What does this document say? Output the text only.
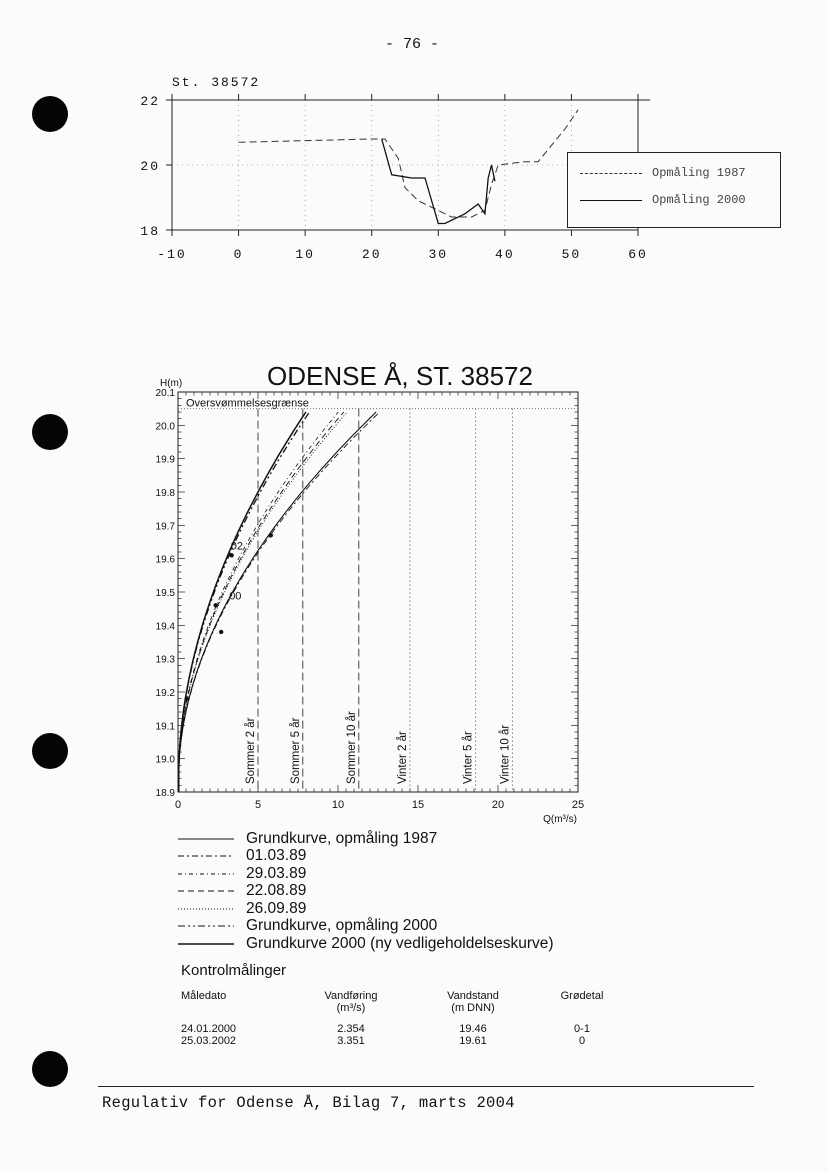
- 76 -
St. 38572
-10	0	10	20	30	40	50	60
18
20
22
Opmåling 1987
Opmåling 2000
ODENSE Å, ST. 38572
H(m)
Q(m³/s)
0	5	10	15	20	25
18.9
19.0
19.1
19.2
19.3
19.4
19.5
19.6
19.7
19.8
19.9
20.0
20.1
Oversvømmelsesgrænse
Sommer 2 år	Sommer 5 år	Sommer 10 år	Vinter 2 år	Vinter 5 år Vinter 10 år
02
00
Grundkurve, opmåling 1987
01.03.89
29.03.89
22.08.89
26.09.89
Grundkurve, opmåling 2000
Grundkurve 2000 (ny vedligeholdelseskurve)
Kontrolmålinger
Måledato	Vandføring	Vandstand	Grødetal
	(m³/s)	(m DNN)	

24.01.2000	2.354	19.46	0-1
25.03.2002	3.351	19.61	0
Regulativ for Odense Å, Bilag 7, marts 2004
